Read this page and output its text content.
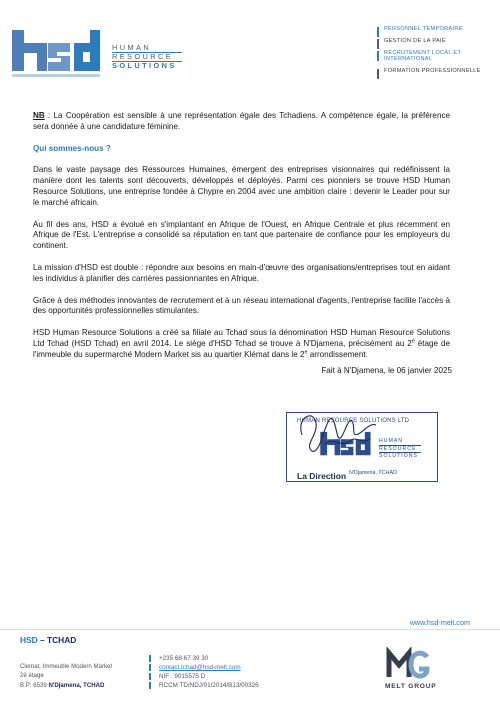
HUMAN
RESOURCE
SOLUTIONS
PERSONNEL TEMPORAIRE
GESTION DE LA PAIE
RECRUTEMENT LOCAL ET INTERNATIONAL
FORMATION PROFESSIONNELLE

NB : La Coopération est sensible à une représentation égale des Tchadiens. A compétence égale, la préférence sera donnée à une candidature féminine.

Qui sommes-nous ?

Dans le vaste paysage des Ressources Humaines, émergent des entreprises visionnaires qui redéfinissent la manière dont les talents sont découverts, développés et déployés. Parmi ces pionniers se trouve HSD Human Resource Solutions, une entreprise fondée à Chypre en 2004 avec une ambition claire : devenir le Leader pour sur le marché africain.

Au fil des ans, HSD a évolué en s'implantant en Afrique de l'Ouest, en Afrique Centrale et plus récemment en Afrique de l'Est. L'entreprise a consolidé sa réputation en tant que partenaire de confiance pour les employeurs du continent.

La mission d'HSD est double : répondre aux besoins en main-d'œuvre des organisations/entreprises tout en aidant les individus à planifier des carrières passionnantes en Afrique.

Grâce à des méthodes innovantes de recrutement et à un réseau international d'agents, l'entreprise facilite l'accès à des opportunités professionnelles stimulantes.

HSD Human Resource Solutions a créé sa filiale au Tchad sous la dénomination HSD Human Resource Solutions Ltd Tchad (HSD Tchad) en avril 2014. Le siège d'HSD Tchad se trouve à N'Djamena, précisément au 2e étage de l'immeuble du supermarché Modern Market sis au quartier Klémat dans le 2e arrondissement.

Fait à N'Djamena, le 06 janvier 2025
HUMAN RESOURCE SOLUTIONS LTD
HUMAN
RESOURCE
SOLUTIONS
N'Djamena, TCHAD
La Direction
www.hsd-melt.com
HSD – TCHAD
Clemat. Immeuble Modern Market
2è étage
B.P: 6539 N'Djamena, TCHAD
+235 68 67 39 30
contact.tchad@hsd-melt.com
NIF : 9015575 D
RCCM TD/NDJ/01/2014/B13/00326	MELT GROUP
